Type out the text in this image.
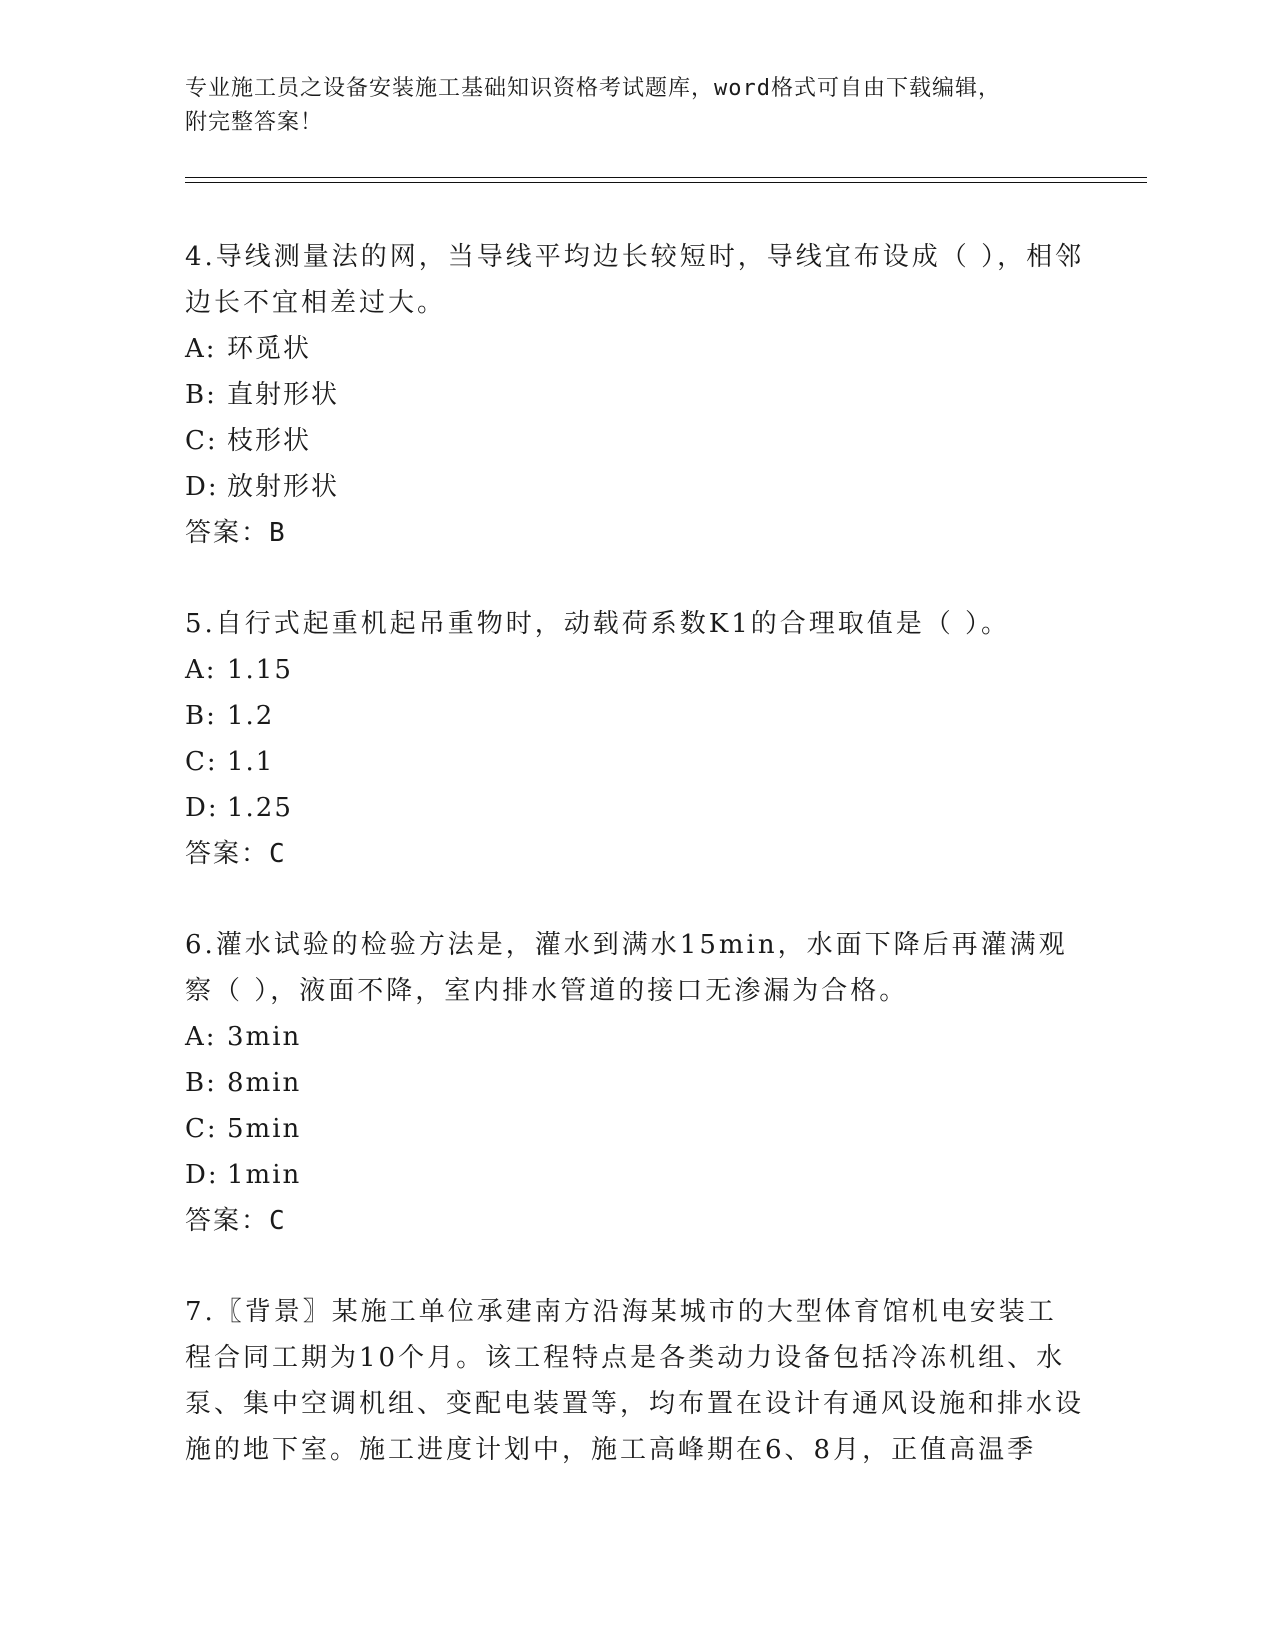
专业施工员之设备安装施工基础知识资格考试题库，word格式可自由下载编辑，
附完整答案！

4.导线测量法的网，当导线平均边长较短时，导线宜布设成（ ），相邻边长不宜相差过大。

A: 环觅状

B: 直射形状

C: 枝形状

D: 放射形状

答案：B

5.自行式起重机起吊重物时，动载荷系数K1的合理取值是（ ）。

A: 1.15

B: 1.2

C: 1.1

D: 1.25

答案：C

6.灌水试验的检验方法是，灌水到满水15min，水面下降后再灌满观察（ ），液面不降，室内排水管道的接口无渗漏为合格。

A: 3min

B: 8min

C: 5min

D: 1min

答案：C

7.〖背景〗某施工单位承建南方沿海某城市的大型体育馆机电安装工程合同工期为10个月。该工程特点是各类动力设备包括冷冻机组、水泵、集中空调机组、变配电装置等，均布置在设计有通风设施和排水设施的地下室。施工进度计划中，施工高峰期在6、8月，正值高温季
